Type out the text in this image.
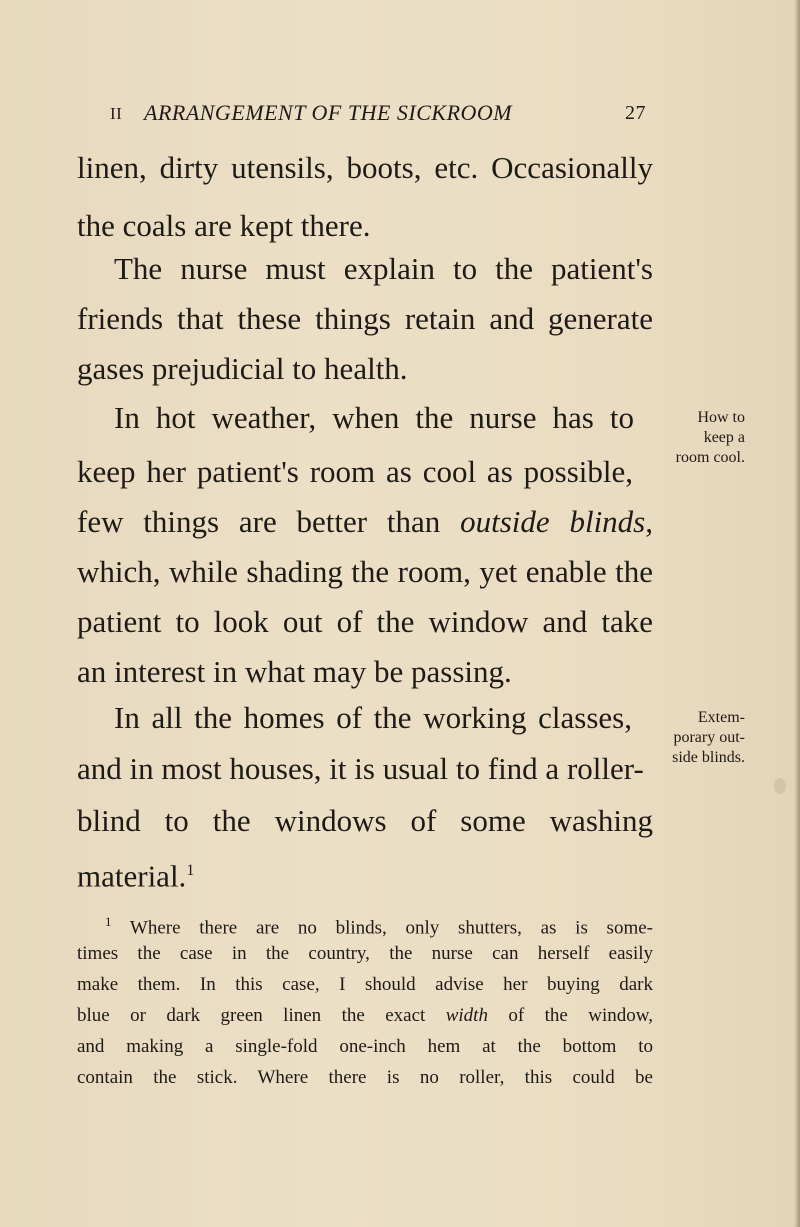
II ARRANGEMENT OF THE SICKROOM	27
linen, dirty utensils, boots, etc. Occasionally
the coals are kept there.
The nurse must explain to the patient's
friends that these things retain and generate
gases prejudicial to health.
In hot weather, when the nurse has to
keep her patient's room as cool as possible,
few things are better than outside blinds,
which, while shading the room, yet enable the
patient to look out of the window and take
an interest in what may be passing.
In all the homes of the working classes,
and in most houses, it is usual to find a roller-
blind to the windows of some washing
material.$^1$
How to
keep a
room cool.
Extem-
porary out-
side blinds.
$^1$ Where there are no blinds, only shutters, as is some-
times the case in the country, the nurse can herself easily
make them. In this case, I should advise her buying dark
blue or dark green linen the exact width of the window,
and making a single-fold one-inch hem at the bottom to
contain the stick. Where there is no roller, this could be
